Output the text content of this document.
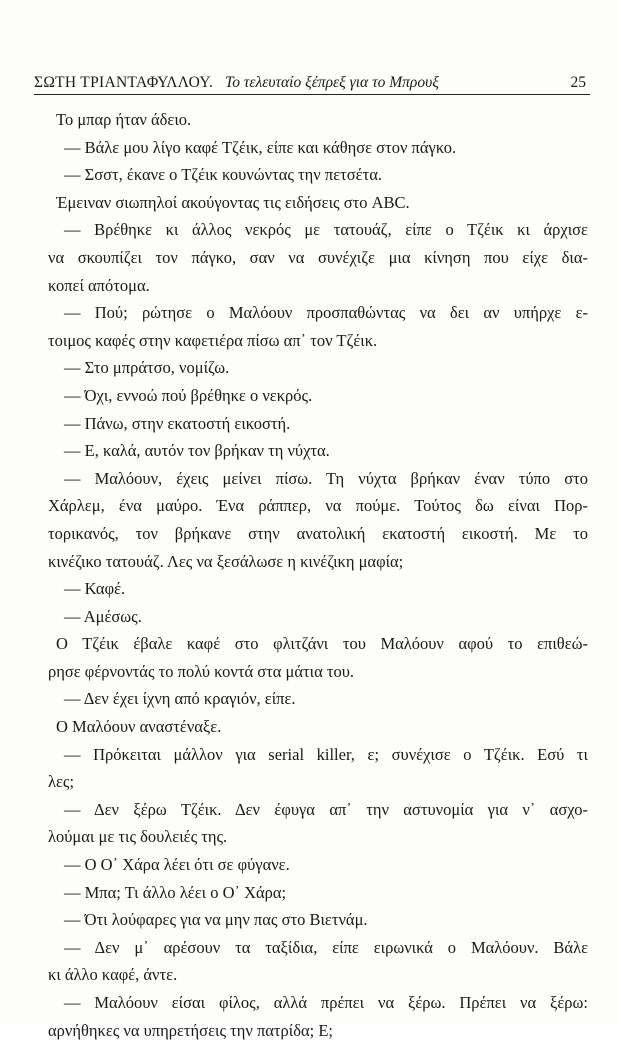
ΣΩΤΗ ΤΡΙΑΝΤΑΦΥΛΛΟΥ. Το τελευταίο ξέπρεξ για το Μπρουξ	25
Το μπαρ ήταν άδειο.
— Βάλε μου λίγο καφέ Τζέικ, είπε και κάθησε στον πάγκο.
— Σσστ, έκανε ο Τζέικ κουνώντας την πετσέτα.
Έμειναν σιωπηλοί ακούγοντας τις ειδήσεις στο ABC.
— Βρέθηκε κι άλλος νεκρός με τατουάζ, είπε ο Τζέικ κι άρχισε
να σκουπίζει τον πάγκο, σαν να συνέχιζε μια κίνηση που είχε δια-
κοπεί απότομα.
— Πού; ρώτησε ο Μαλόουν προσπαθώντας να δει αν υπήρχε ε-
τοιμος καφές στην καφετιέρα πίσω απ᾽ τον Τζέικ.
— Στο μπράτσο, νομίζω.
— Όχι, εννοώ πού βρέθηκε ο νεκρός.
— Πάνω, στην εκατοστή εικοστή.
— Ε, καλά, αυτόν τον βρήκαν τη νύχτα.
— Μαλόουν, έχεις μείνει πίσω. Τη νύχτα βρήκαν έναν τύπο στο
Χάρλεμ, ένα μαύρο. Ένα ράππερ, να πούμε. Τούτος δω είναι Πορ-
τορικανός, τον βρήκανε στην ανατολική εκατοστή εικοστή. Με το
κινέζικο τατουάζ. Λες να ξεσάλωσε η κινέζικη μαφία;
— Καφέ.
— Αμέσως.
Ο Τζέικ έβαλε καφέ στο φλιτζάνι του Μαλόουν αφού το επιθεώ-
ρησε φέρνοντάς το πολύ κοντά στα μάτια του.
— Δεν έχει ίχνη από κραγιόν, είπε.
Ο Μαλόουν αναστέναξε.
— Πρόκειται μάλλον για serial killer, ε; συνέχισε ο Τζέικ. Εσύ τι
λες;
— Δεν ξέρω Τζέικ. Δεν έφυγα απ᾽ την αστυνομία για ν᾽ ασχο-
λούμαι με τις δουλειές της.
— Ο Ο᾽ Χάρα λέει ότι σε φύγανε.
— Μπα; Τι άλλο λέει ο Ο᾽ Χάρα;
— Ότι λούφαρες για να μην πας στο Βιετνάμ.
— Δεν μ᾽ αρέσουν τα ταξίδια, είπε ειρωνικά ο Μαλόουν. Βάλε
κι άλλο καφέ, άντε.
— Μαλόουν είσαι φίλος, αλλά πρέπει να ξέρω. Πρέπει να ξέρω:
αρνήθηκες να υπηρετήσεις την πατρίδα; Ε;
